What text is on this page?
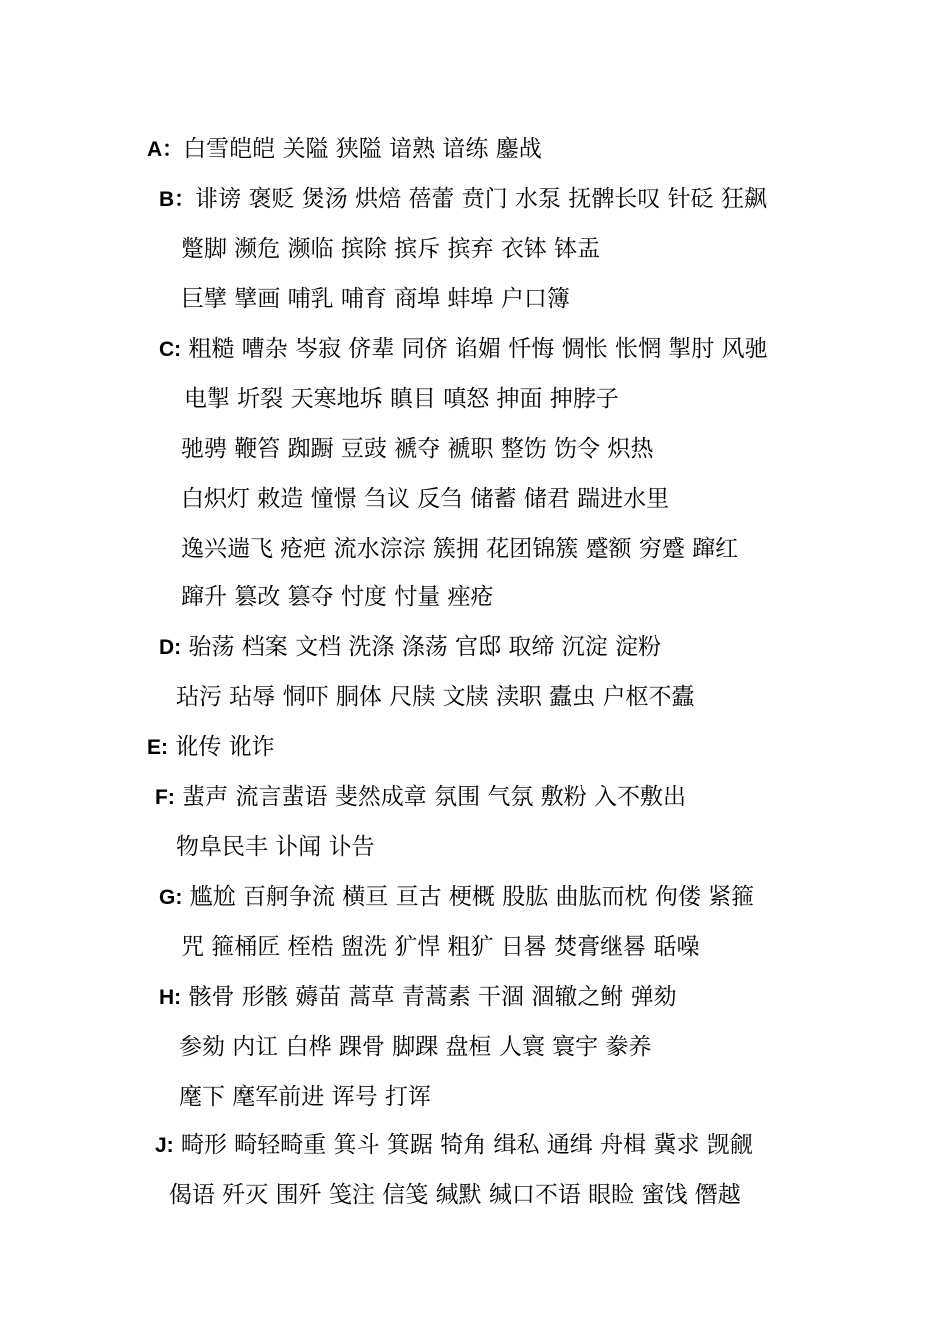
A：白雪皑皑 关隘 狭隘 谙熟 谙练 鏖战
B：诽谤 褒贬 煲汤 烘焙 蓓蕾 贲门 水泵 抚髀长叹 针砭 狂飙
蹩脚 濒危 濒临 摈除 摈斥 摈弃 衣钵 钵盂
巨擘 擘画 哺乳 哺育 商埠 蚌埠 户口簿
C: 粗糙 嘈杂 岑寂 侪辈 同侪 谄媚 忏悔 惆怅 怅惘 掣肘 风驰
电掣 圻裂 天寒地坼 瞋目 嗔怒 抻面 抻脖子
驰骋 鞭笞 踟蹰 豆豉 褫夺 褫职 整饬 饬令 炽热
白炽灯 敕造 憧憬 刍议 反刍 储蓄 储君 踹进水里
逸兴遄飞 疮疤 流水淙淙 簇拥 花团锦簇 蹙额 穷蹙 蹿红
蹿升 篡改 篡夺 忖度 忖量 痤疮
D: 骀荡 档案 文档 洗涤 涤荡 官邸 取缔 沉淀 淀粉
玷污 玷辱 恫吓 胴体 尺牍 文牍 渎职 蠹虫 户枢不蠹
E: 讹传 讹诈
F: 蜚声 流言蜚语 斐然成章 氛围 气氛 敷粉 入不敷出
物阜民丰 讣闻 讣告
G: 尴尬 百舸争流 横亘 亘古 梗概 股肱 曲肱而枕 佝偻 紧箍
咒 箍桶匠 桎梏 盥洗 犷悍 粗犷 日晷 焚膏继晷 聒噪
H: 骸骨 形骸 薅苗 蒿草 青蒿素 干涸 涸辙之鲋 弹劾
参劾 内讧 白桦 踝骨 脚踝 盘桓 人寰 寰宇 豢养
麾下 麾军前进 诨号 打诨
J: 畸形 畸轻畸重 箕斗 箕踞 犄角 缉私 通缉 舟楫 冀求 觊觎
偈语 歼灭 围歼 笺注 信笺 缄默 缄口不语 眼睑 蜜饯 僭越
